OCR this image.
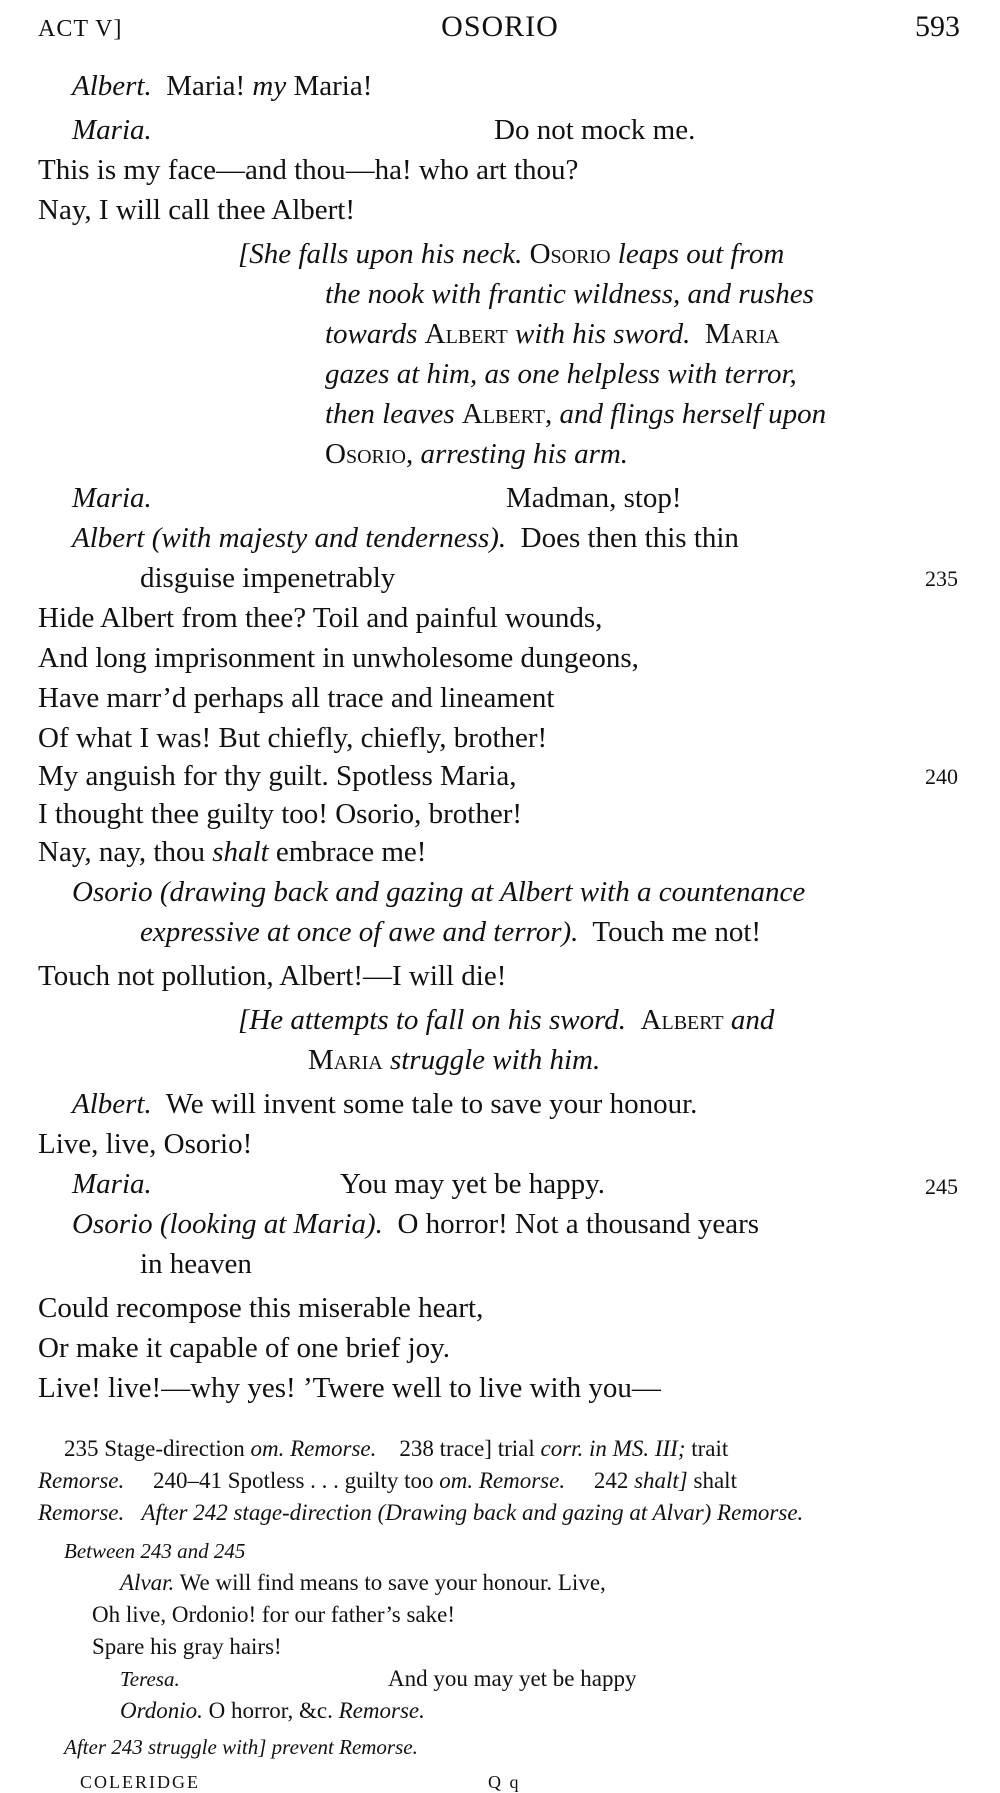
ACT V]	OSORIO	593
Albert. Maria! my Maria!
Maria.	Do not mock me.
This is my face—and thou—ha! who art thou?
Nay, I will call thee Albert!
[She falls upon his neck. Osorio leaps out from
the nook with frantic wildness, and rushes
towards Albert with his sword. Maria
gazes at him, as one helpless with terror,
then leaves Albert, and flings herself upon
Osorio, arresting his arm.
Maria.	Madman, stop!
Albert (with majesty and tenderness). Does then this thin
disguise impenetrably	235
Hide Albert from thee? Toil and painful wounds,
And long imprisonment in unwholesome dungeons,
Have marr’d perhaps all trace and lineament
Of what I was! But chiefly, chiefly, brother!
My anguish for thy guilt. Spotless Maria,	240
I thought thee guilty too! Osorio, brother!
Nay, nay, thou shalt embrace me!
Osorio (drawing back and gazing at Albert with a countenance
expressive at once of awe and terror). Touch me not!
Touch not pollution, Albert!—I will die!
[He attempts to fall on his sword. Albert and
Maria struggle with him.
Albert. We will invent some tale to save your honour.
Live, live, Osorio!
Maria.	You may yet be happy.	245
Osorio (looking at Maria). O horror! Not a thousand years
in heaven
Could recompose this miserable heart,
Or make it capable of one brief joy.
Live! live!—why yes! ’Twere well to live with you—
235 Stage-direction om. Remorse. 238 trace] trial corr. in MS. III; trait
Remorse. 240–41 Spotless . . . guilty too om. Remorse. 242 shalt] shalt
Remorse. After 242 stage-direction (Drawing back and gazing at Alvar) Remorse.
Between 243 and 245
Alvar. We will find means to save your honour. Live,
Oh live, Ordonio! for our father’s sake!
Spare his gray hairs!
Teresa.	And you may yet be happy
Ordonio. O horror, &c. Remorse.
After 243 struggle with] prevent Remorse.
COLERIDGE	Q q
